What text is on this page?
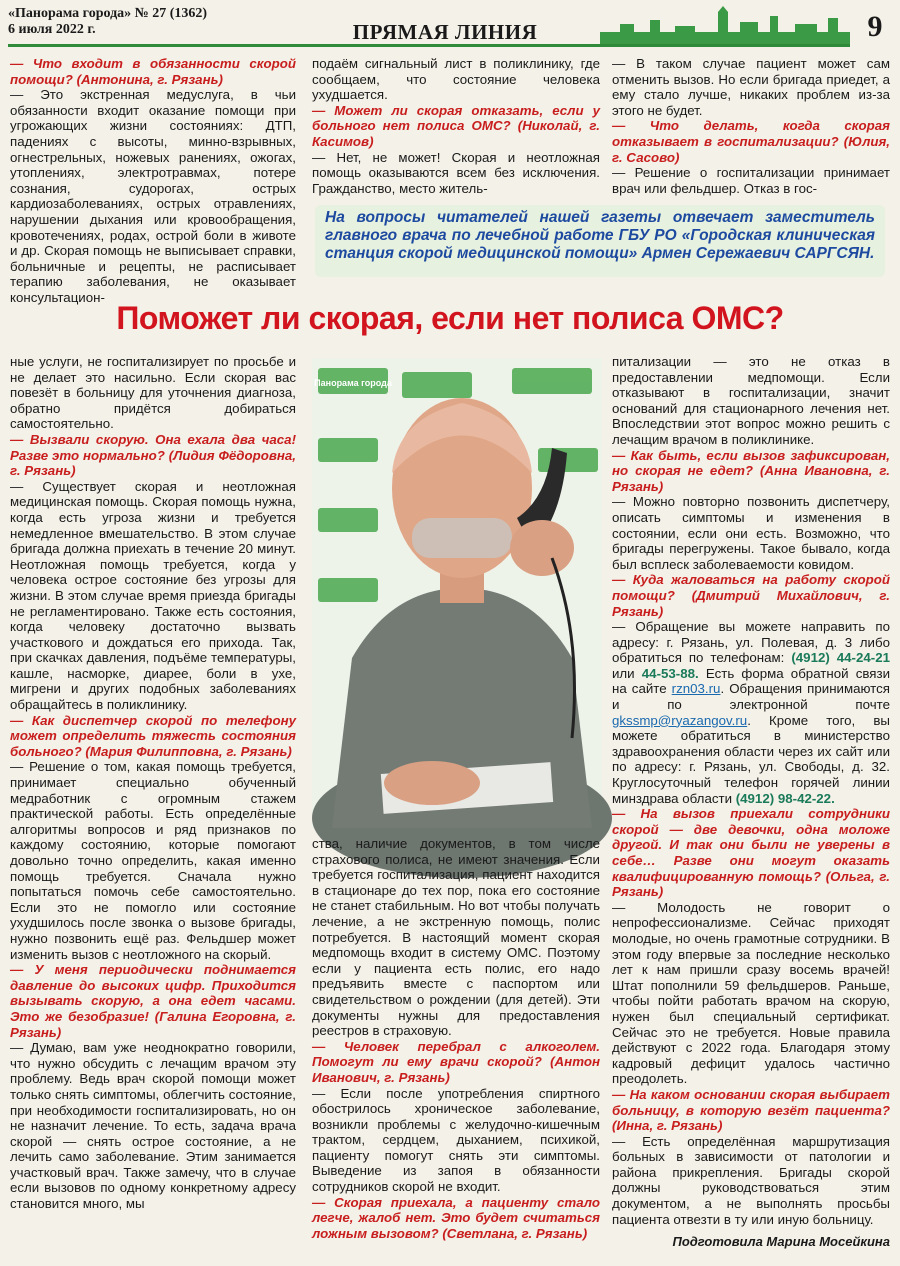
«Панорама города» № 27 (1362)
6 июля 2022 г.	ПРЯМАЯ ЛИНИЯ	9

— Что входит в обязанности скорой помощи? (Антонина, г. Рязань)

— Это экстренная медуслуга, в чьи обязанности входит оказание помощи при угрожающих жизни состояниях: ДТП, падениях с высоты, минно-взрывных, огнестрельных, ножевых ранениях, ожогах, утоплениях, электротравмах, потере сознания, судорогах, острых кардиозаболеваниях, острых отравлениях, нарушении дыхания или кровообращения, кровотечениях, родах, острой боли в животе и др. Скорая помощь не выписывает справки, больничные и рецепты, не расписывает терапию заболевания, не оказывает консультацион-

подаём сигнальный лист в поликлинику, где сообщаем, что состояние человека ухудшается.

— Может ли скорая отказать, если у больного нет полиса ОМС? (Николай, г. Касимов)

— Нет, не может! Скорая и неотложная помощь оказываются всем без исключения. Гражданство, место житель-

— В таком случае пациент может сам отменить вызов. Но если бригада приедет, а ему стало лучше, никаких проблем из-за этого не будет.

— Что делать, когда скорая отказывает в госпитализации? (Юлия, г. Сасово)

— Решение о госпитализации принимает врач или фельдшер. Отказ в гос-

На вопросы читателей нашей газеты отвечает заместитель главного врача по лечебной работе ГБУ РО «Городская клиническая станция скорой медицинской помощи» Армен Сережаевич САРГСЯН.
Поможет ли скорая, если нет полиса ОМС?

ные услуги, не госпитализирует по просьбе и не делает это насильно. Если скорая вас повезёт в больницу для уточнения диагноза, обратно придётся добираться самостоятельно.

— Вызвали скорую. Она ехала два часа! Разве это нормально? (Лидия Фёдоровна, г. Рязань)

— Существует скорая и неотложная медицинская помощь. Скорая помощь нужна, когда есть угроза жизни и требуется немедленное вмешательство. В этом случае бригада должна приехать в течение 20 минут. Неотложная помощь требуется, когда у человека острое состояние без угрозы для жизни. В этом случае время приезда бригады не регламентировано. Также есть состояния, когда человеку достаточно вызвать участкового и дождаться его прихода. Так, при скачках давления, подъёме температуры, кашле, насморке, диарее, боли в ухе, мигрени и других подобных заболеваниях обращайтесь в поликлинику.

— Как диспетчер скорой по телефону может определить тяжесть состояния больного? (Мария Филипповна, г. Рязань)

— Решение о том, какая помощь требуется, принимает специально обученный медработник с огромным стажем практической работы. Есть определённые алгоритмы вопросов и ряд признаков по каждому состоянию, которые помогают довольно точно определить, какая именно помощь требуется. Сначала нужно попытаться помочь себе самостоятельно. Если это не помогло или состояние ухудшилось после звонка о вызове бригады, нужно позвонить ещё раз. Фельдшер может изменить вызов с неотложного на скорый.

— У меня периодически поднимается давление до высоких цифр. Приходится вызывать скорую, а она едет часами. Это же безобразие! (Галина Егоровна, г. Рязань)

— Думаю, вам уже неоднократно говорили, что нужно обсудить с лечащим врачом эту проблему. Ведь врач скорой помощи может только снять симптомы, облегчить состояние, при необходимости госпитализировать, но он не назначит лечение. То есть, задача врача скорой — снять острое состояние, а не лечить само заболевание. Этим занимается участковый врач. Также замечу, что в случае если вызовов по одному конкретному адресу становится много, мы

Панорама города

ства, наличие документов, в том числе страхового полиса, не имеют значения. Если требуется госпитализация, пациент находится в стационаре до тех пор, пока его состояние не станет стабильным. Но вот чтобы получать лечение, а не экстренную помощь, полис потребуется. В настоящий момент скорая медпомощь входит в систему ОМС. Поэтому если у пациента есть полис, его надо предъявить вместе с паспортом или свидетельством о рождении (для детей). Эти документы нужны для предоставления реестров в страховую.

— Человек перебрал с алкоголем. Помогут ли ему врачи скорой? (Антон Иванович, г. Рязань)

— Если после употребления спиртного обострилось хроническое заболевание, возникли проблемы с желудочно-кишечным трактом, сердцем, дыханием, психикой, пациенту помогут снять эти симптомы. Выведение из запоя в обязанности сотрудников скорой не входит.

— Скорая приехала, а пациенту стало легче, жалоб нет. Это будет считаться ложным вызовом? (Светлана, г. Рязань)

питализации — это не отказ в предоставлении медпомощи. Если отказывают в госпитализации, значит оснований для стационарного лечения нет. Впоследствии этот вопрос можно решить с лечащим врачом в поликлинике.

— Как быть, если вызов зафиксирован, но скорая не едет? (Анна Ивановна, г. Рязань)

— Можно повторно позвонить диспетчеру, описать симптомы и изменения в состоянии, если они есть. Возможно, что бригады перегружены. Такое бывало, когда был всплеск заболеваемости ковидом.

— Куда жаловаться на работу скорой помощи? (Дмитрий Михайлович, г. Рязань)

— Обращение вы можете направить по адресу: г. Рязань, ул. Полевая, д. 3 либо обратиться по телефонам: (4912) 44-24-21 или 44-53-88. Есть форма обратной связи на сайте rzn03.ru. Обращения принимаются и по электронной почте gkssmp@ryazangov.ru. Кроме того, вы можете обратиться в министерство здравоохранения области через их сайт или по адресу: г. Рязань, ул. Свободы, д. 32. Круглосуточный телефон горячей линии минздрава области (4912) 98-42-22.

— На вызов приехали сотрудники скорой — две девочки, одна моложе другой. И так они были не уверены в себе… Разве они могут оказать квалифицированную помощь? (Ольга, г. Рязань)

— Молодость не говорит о непрофессионализме. Сейчас приходят молодые, но очень грамотные сотрудники. В этом году впервые за последние несколько лет к нам пришли сразу восемь врачей! Штат пополнили 59 фельдшеров. Раньше, чтобы пойти работать врачом на скорую, нужен был специальный сертификат. Сейчас это не требуется. Новые правила действуют с 2022 года. Благодаря этому кадровый дефицит удалось частично преодолеть.

— На каком основании скорая выбирает больницу, в которую везёт пациента? (Инна, г. Рязань)

— Есть определённая маршрутизация больных в зависимости от патологии и района прикрепления. Бригады скорой должны руководствоваться этим документом, а не выполнять просьбы пациента отвезти в ту или иную больницу.

Подготовила Марина Мосейкина
